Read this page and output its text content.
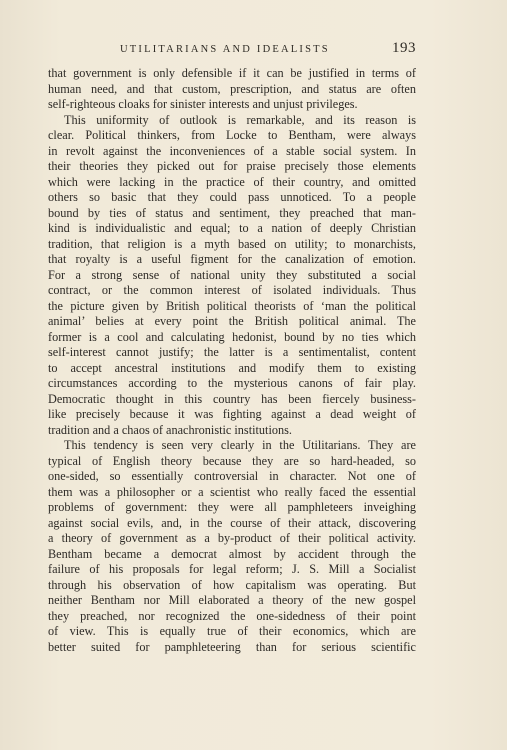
UTILITARIANS AND IDEALISTS	193
that government is only defensible if it can be justified in terms of
human need, and that custom, prescription, and status are often
self-righteous cloaks for sinister interests and unjust privileges.
This uniformity of outlook is remarkable, and its reason is
clear. Political thinkers, from Locke to Bentham, were always
in revolt against the inconveniences of a stable social system. In
their theories they picked out for praise precisely those elements
which were lacking in the practice of their country, and omitted
others so basic that they could pass unnoticed. To a people
bound by ties of status and sentiment, they preached that man-
kind is individualistic and equal; to a nation of deeply Christian
tradition, that religion is a myth based on utility; to monarchists,
that royalty is a useful figment for the canalization of emotion.
For a strong sense of national unity they substituted a social
contract, or the common interest of isolated individuals. Thus
the picture given by British political theorists of ‘man the political
animal’ belies at every point the British political animal. The
former is a cool and calculating hedonist, bound by no ties which
self-interest cannot justify; the latter is a sentimentalist, content
to accept ancestral institutions and modify them to existing
circumstances according to the mysterious canons of fair play.
Democratic thought in this country has been fiercely business-
like precisely because it was fighting against a dead weight of
tradition and a chaos of anachronistic institutions.
This tendency is seen very clearly in the Utilitarians. They are
typical of English theory because they are so hard-headed, so
one-sided, so essentially controversial in character. Not one of
them was a philosopher or a scientist who really faced the essential
problems of government: they were all pamphleteers inveighing
against social evils, and, in the course of their attack, discovering
a theory of government as a by-product of their political activity.
Bentham became a democrat almost by accident through the
failure of his proposals for legal reform; J. S. Mill a Socialist
through his observation of how capitalism was operating. But
neither Bentham nor Mill elaborated a theory of the new gospel
they preached, nor recognized the one-sidedness of their point
of view. This is equally true of their economics, which are
better suited for pamphleteering than for serious scientific
